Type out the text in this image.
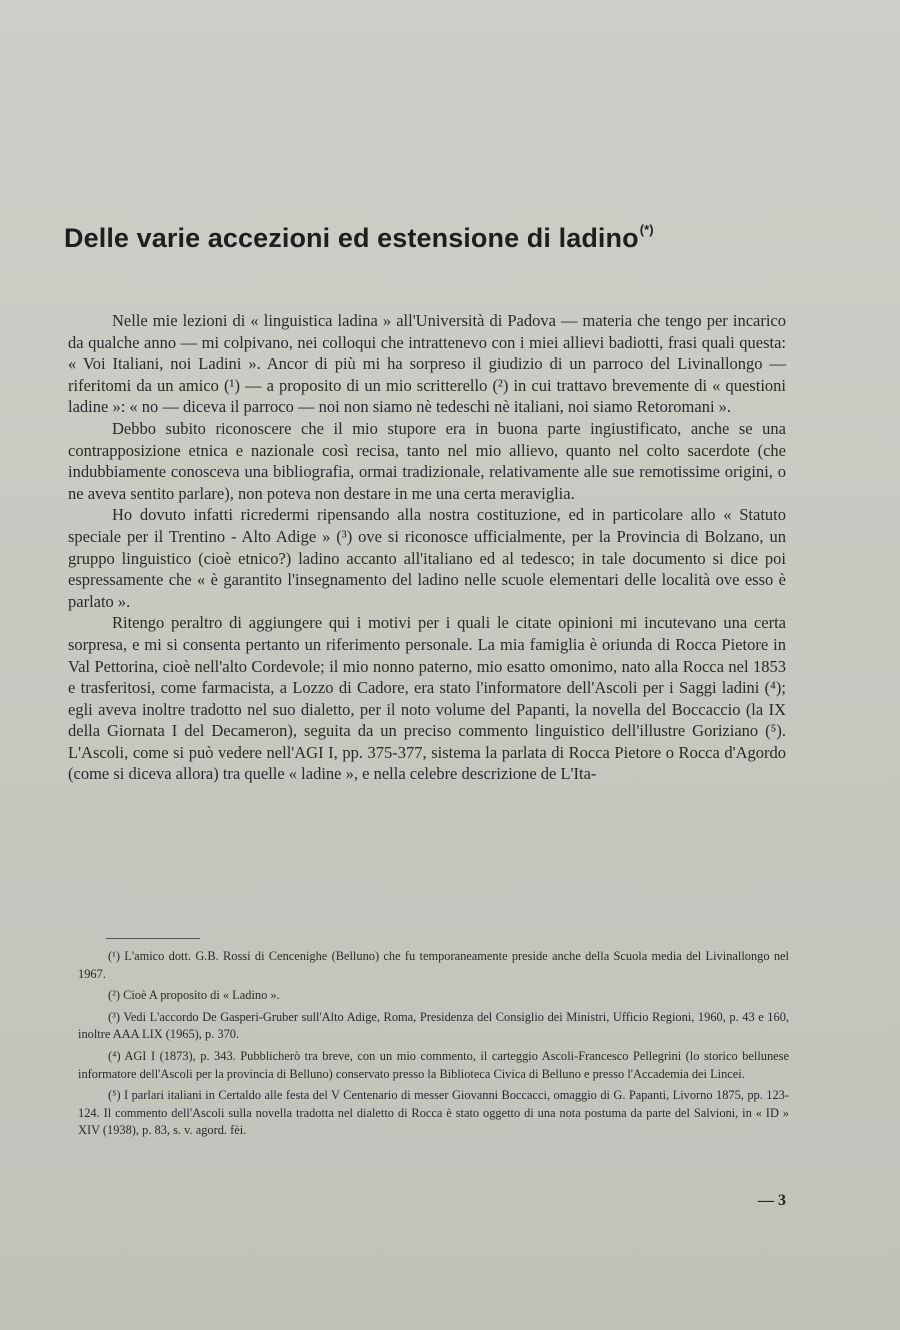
Delle varie accezioni ed estensione di ladino(*)

Nelle mie lezioni di « linguistica ladina » all'Università di Padova — materia che tengo per incarico da qualche anno — mi colpivano, nei colloqui che intrattenevo con i miei allievi badiotti, frasi quali questa: « Voi Italiani, noi Ladini ». Ancor di più mi ha sorpreso il giudizio di un parroco del Livinallongo — riferitomi da un amico (¹) — a proposito di un mio scritterello (²) in cui trattavo brevemente di « questioni ladine »: « no — diceva il parroco — noi non siamo nè tedeschi nè italiani, noi siamo Retoromani ».

Debbo subito riconoscere che il mio stupore era in buona parte ingiustificato, anche se una contrapposizione etnica e nazionale così recisa, tanto nel mio allievo, quanto nel colto sacerdote (che indubbiamente conosceva una bibliografia, ormai tradizionale, relativamente alle sue remotissime origini, o ne aveva sentito parlare), non poteva non destare in me una certa meraviglia.

Ho dovuto infatti ricredermi ripensando alla nostra costituzione, ed in particolare allo « Statuto speciale per il Trentino - Alto Adige » (³) ove si riconosce ufficialmente, per la Provincia di Bolzano, un gruppo linguistico (cioè etnico?) ladino accanto all'italiano ed al tedesco; in tale documento si dice poi espressamente che « è garantito l'insegnamento del ladino nelle scuole elementari delle località ove esso è parlato ».

Ritengo peraltro di aggiungere qui i motivi per i quali le citate opinioni mi incutevano una certa sorpresa, e mi si consenta pertanto un riferimento personale. La mia famiglia è oriunda di Rocca Pietore in Val Pettorina, cioè nell'alto Cordevole; il mio nonno paterno, mio esatto omonimo, nato alla Rocca nel 1853 e trasferitosi, come farmacista, a Lozzo di Cadore, era stato l'informatore dell'Ascoli per i Saggi ladini (⁴); egli aveva inoltre tradotto nel suo dialetto, per il noto volume del Papanti, la novella del Boccaccio (la IX della Giornata I del Decameron), seguita da un preciso commento linguistico dell'illustre Goriziano (⁵). L'Ascoli, come si può vedere nell'AGI I, pp. 375-377, sistema la parlata di Rocca Pietore o Rocca d'Agordo (come si diceva allora) tra quelle « ladine », e nella celebre descrizione de L'Ita-

(¹) L'amico dott. G.B. Rossi di Cencenighe (Belluno) che fu temporaneamente preside anche della Scuola media del Livinallongo nel 1967.

(²) Cioè A proposito di « Ladino ».

(³) Vedi L'accordo De Gasperi-Gruber sull'Alto Adige, Roma, Presidenza del Consiglio dei Ministri, Ufficio Regioni, 1960, p. 43 e 160, inoltre AAA LIX (1965), p. 370.

(⁴) AGI I (1873), p. 343. Pubblicherò tra breve, con un mio commento, il carteggio Ascoli-Francesco Pellegrini (lo storico bellunese informatore dell'Ascoli per la provincia di Belluno) conservato presso la Biblioteca Civica di Belluno e presso l'Accademia dei Lincei.

(⁵) I parlari italiani in Certaldo alle festa del V Centenario di messer Giovanni Boccacci, omaggio di G. Papanti, Livorno 1875, pp. 123-124. Il commento dell'Ascoli sulla novella tradotta nel dialetto di Rocca è stato oggetto di una nota postuma da parte del Salvioni, in « ID » XIV (1938), p. 83, s. v. agord. fèi.

— 3
